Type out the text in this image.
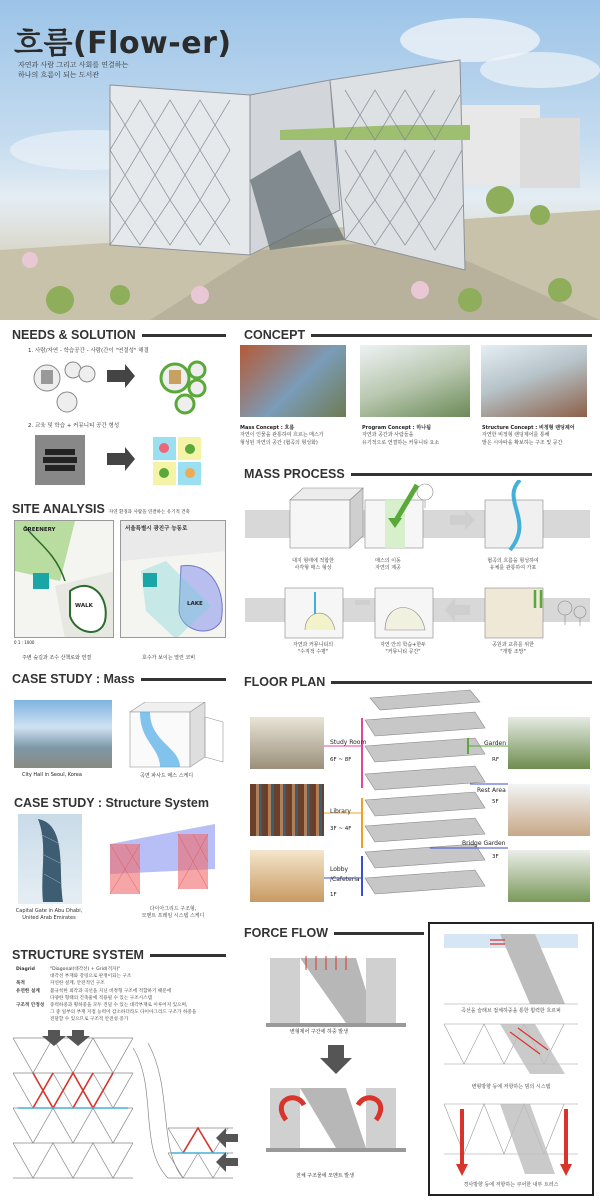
흐름(Flow-er)
자연과 사람 그리고 사회를 연결하는
하나의 흐름이 되는 도서관
NEEDS & SOLUTION
1. 사람/자연 - 학습공간 - 사람(간이 "연결성" 해결
2. 교육 및 학습 + 커뮤니티 공간 형성
CONCEPT
Mass Concept : 흐름
자연이 인물을 관통하여 흐르는 매스가
형성된 자연의 공간 (협곡의 형성화)
Program Concept : 하나됨
자연과 공간과 사람들을
유기적으로 연결하는 커뮤니티 요소
Structure Concept : 비정형 랜딩제어
자연한 비정형 랜딩제어를 통해
발은 시야따을 확보하는 구조 및 공간
SITE ANALYSIS 자연 환경과 사람을 연결하는 유기적 건축
GREENERY
WALK
서울특별시 광진구 능동로
LAKE
0 1 : 1000
주변 숲길과 조수 산책로와 연결	호수가 보이는 열린 코비
MASS PROCESS
대지 형태에 적합한
사각형 매스 형성
매스의 이동
자연의 제공
협곡의 흐름을 형성하여
유체를 관통하여 가포
자연과 커뮤니티의
"수직적 수평"
자연 안의 학습+한두
"커뮤니티 공간"
공원과 교류를 위한
"개방 조망"
CASE STUDY : Mass
City Hall in Seoul, Korea	곡면 파사드 매스 스케디
CASE STUDY : Structure System
Capital Gate in Abu Dhabi,
United Arab Emirates
다이아그리드 구조형,
모멘트 프레임 시스템 스케디
FLOOR PLAN
Study Room
6F ~ 8F
Library
3F ~ 4F
Lobby
/Cafeteria
1F
Garden
RF
Rest Area
5F
Bridge Garden
3F
STRUCTURE SYSTEM
Diagrid	"Diagonal(대각선) + Grid(격자)"
대각선 부재와 강링으로 판정이되는 구조
목적	자연한 설계, 안전적인 구조
유연한 설계	불규칙한 외각과 곡선을 지닌 비정형 구조에 적합하기 때문에
다양한 형태의 건축물에 적용될 수 있는 구조시스템
구조적 안정성	중력하중과 횡하중을 모두 견딜 수 있는 대각부재로 이루어져 있으며,
그 중 일부의 부재 지점 능력이 감소하더라도 다이아그리드 구조가 하중을
전달할 수 있으므로 구조적 안전성 증가
FORCE FLOW
변형제어 구간에 하중 발생
전체 구조물에 모멘트 발생
곡선을 슬래브 접체하중을 통한 휨력한 흐르퍼
변형방향 등에 저항하는 빔의 시스템
경사방향 등에 저항하는 쿠어한 내부 트러스
